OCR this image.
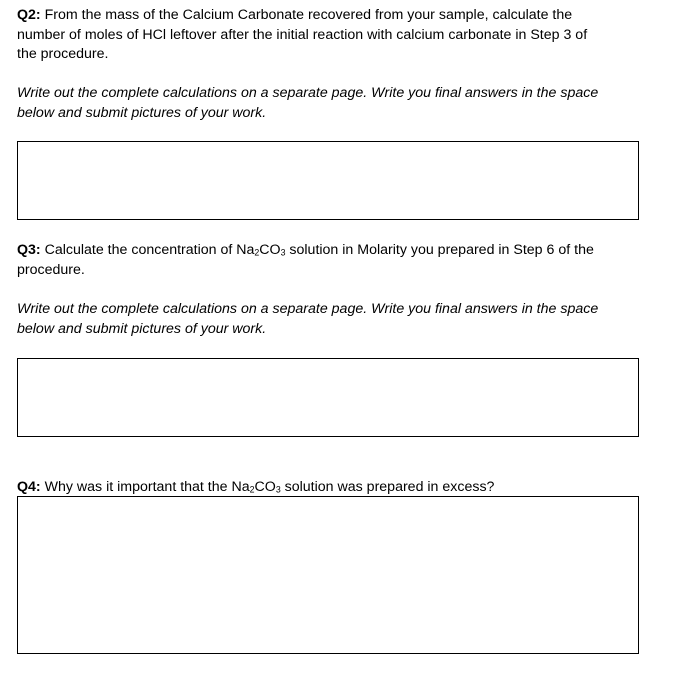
Q2: From the mass of the Calcium Carbonate recovered from your sample, calculate the

number of moles of HCl leftover after the initial reaction with calcium carbonate in Step 3 of

the procedure.

Write out the complete calculations on a separate page. Write you final answers in the space

below and submit pictures of your work.

Q3: Calculate the concentration of $Na_2CO_3$ solution in Molarity you prepared in Step 6 of the

procedure.

Write out the complete calculations on a separate page. Write you final answers in the space

below and submit pictures of your work.

Q4: Why was it important that the $Na_2CO_3$ solution was prepared in excess?
